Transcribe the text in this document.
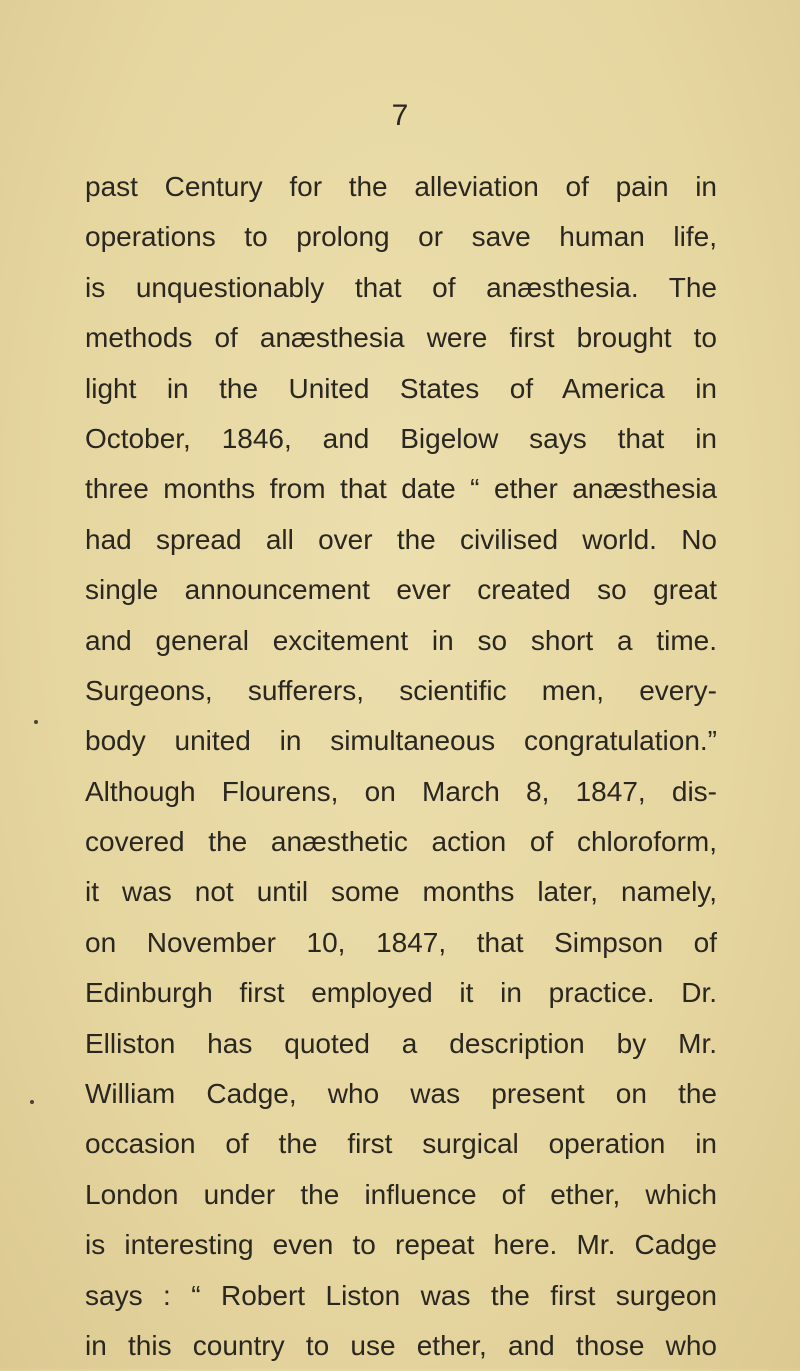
7
past Century for the alleviation of pain in
operations to prolong or save human life,
is unquestionably that of anæsthesia. The
methods of anæsthesia were first brought to
light in the United States of America in
October, 1846, and Bigelow says that in
three months from that date “ ether anæsthesia
had spread all over the civilised world. No
single announcement ever created so great
and general excitement in so short a time.
Surgeons, sufferers, scientific men, every-
body united in simultaneous congratulation.”
Although Flourens, on March 8, 1847, dis-
covered the anæsthetic action of chloroform,
it was not until some months later, namely,
on November 10, 1847, that Simpson of
Edinburgh first employed it in practice. Dr.
Elliston has quoted a description by Mr.
William Cadge, who was present on the
occasion of the first surgical operation in
London under the influence of ether, which
is interesting even to repeat here. Mr. Cadge
says : “ Robert Liston was the first surgeon
in this country to use ether, and those who
